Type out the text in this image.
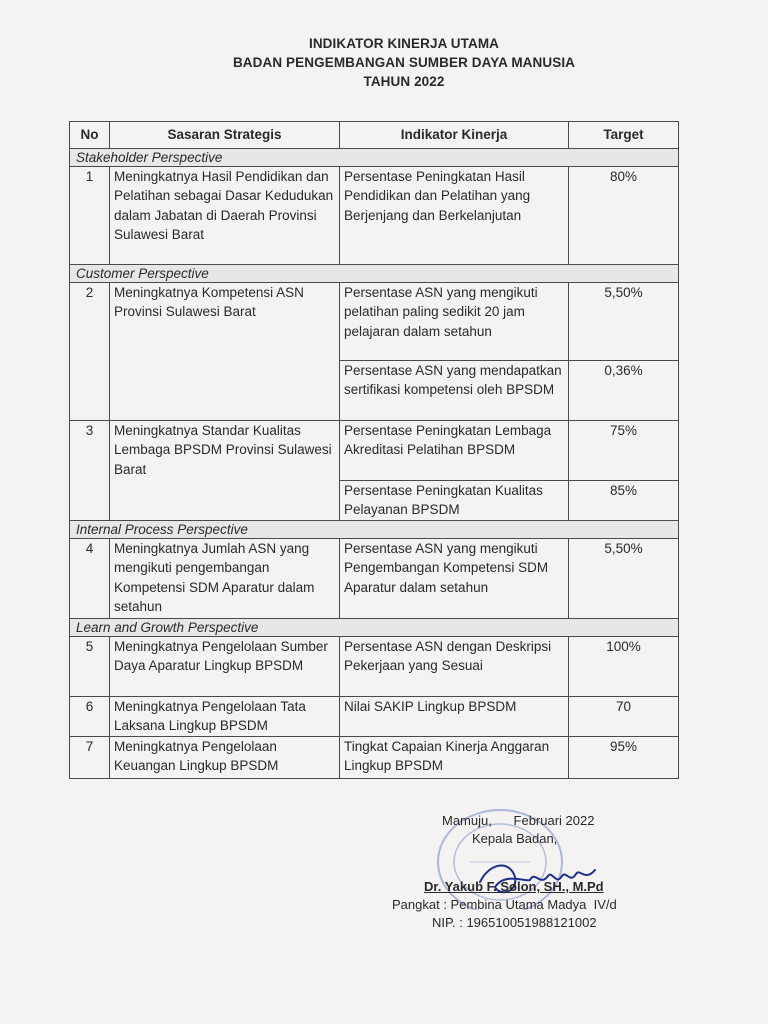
INDIKATOR KINERJA UTAMA
BADAN PENGEMBANGAN SUMBER DAYA MANUSIA
TAHUN 2022
No	Sasaran Strategis	Indikator Kinerja	Target
Stakeholder Perspective			
1	Meningkatnya Hasil Pendidikan dan Pelatihan sebagai Dasar Kedudukan dalam Jabatan di Daerah Provinsi Sulawesi Barat	Persentase Peningkatan Hasil Pendidikan dan Pelatihan yang Berjenjang dan Berkelanjutan	80%
Customer Perspective			
2	Meningkatnya Kompetensi ASN Provinsi Sulawesi Barat	Persentase ASN yang mengikuti pelatihan paling sedikit 20 jam pelajaran dalam setahun	5,50%
		Persentase ASN yang mendapatkan sertifikasi kompetensi oleh BPSDM	0,36%
3	Meningkatnya Standar Kualitas Lembaga BPSDM Provinsi Sulawesi Barat	Persentase Peningkatan Lembaga Akreditasi Pelatihan BPSDM	75%
		Persentase Peningkatan Kualitas Pelayanan BPSDM	85%
Internal Process Perspective			
4	Meningkatnya Jumlah ASN yang mengikuti pengembangan Kompetensi SDM Aparatur dalam setahun	Persentase ASN yang mengikuti Pengembangan Kompetensi SDM Aparatur dalam setahun	5,50%
Learn and Growth Perspective			
5	Meningkatnya Pengelolaan Sumber Daya Aparatur Lingkup BPSDM	Persentase ASN dengan Deskripsi Pekerjaan yang Sesuai	100%
6	Meningkatnya Pengelolaan Tata Laksana Lingkup BPSDM	Nilai SAKIP Lingkup BPSDM	70
7	Meningkatnya Pengelolaan Keuangan Lingkup BPSDM	Tingkat Capaian Kinerja Anggaran Lingkup BPSDM	95%
Mamuju,      Februari 2022
Kepala Badan,
Dr. Yakub F. Solon, SH., M.Pd
Pangkat : Pembina Utama Madya  IV/d
NIP. : 196510051988121002
